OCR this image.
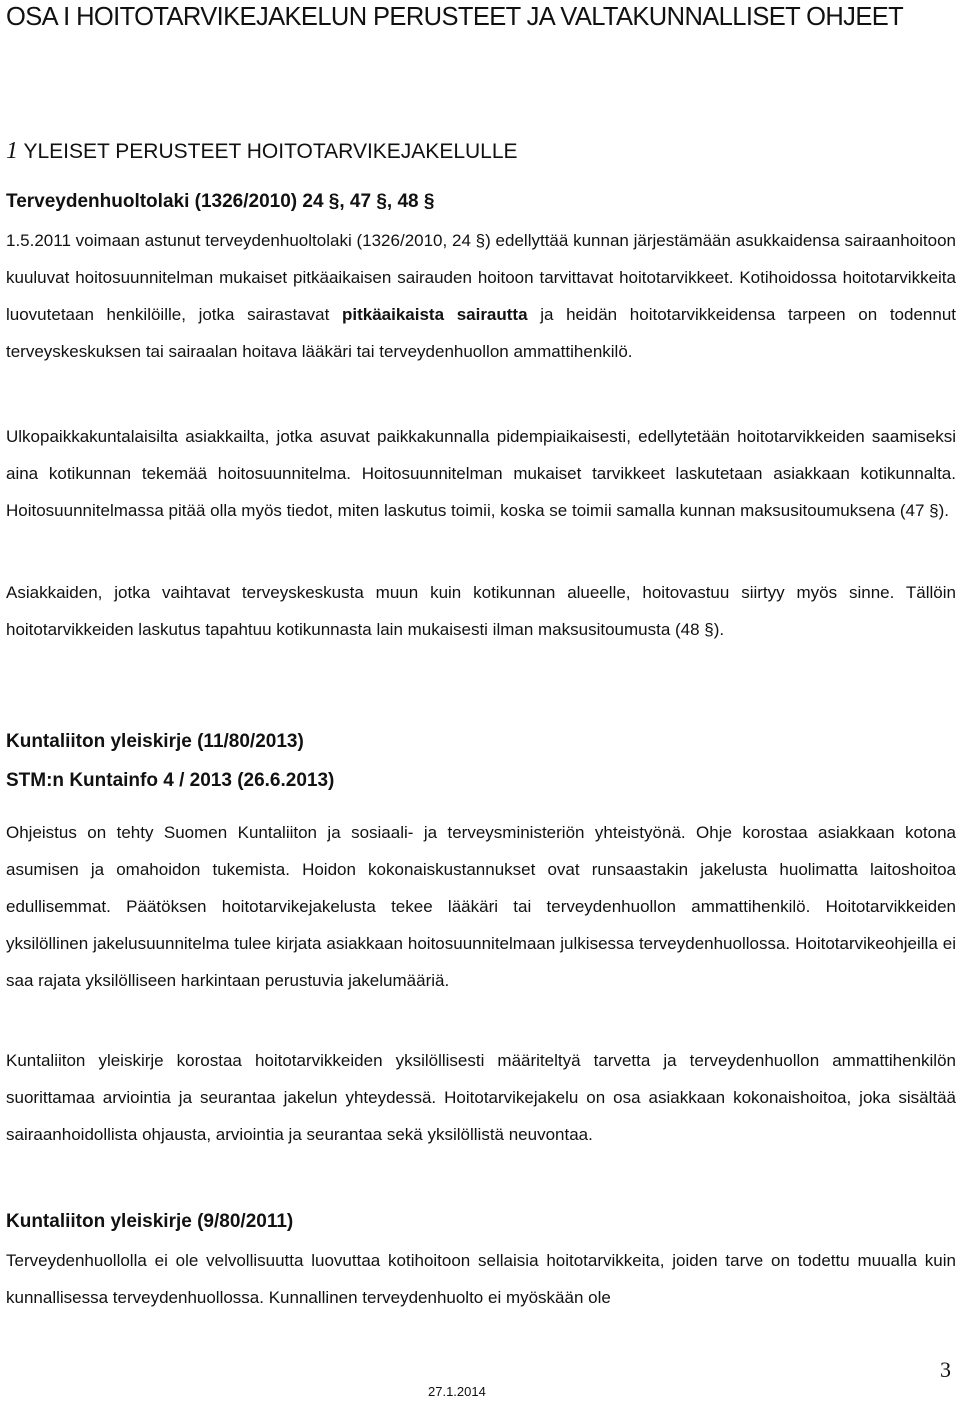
OSA I HOITOTARVIKEJAKELUN PERUSTEET JA VALTAKUNNALLISET OHJEET
1 YLEISET PERUSTEET HOITOTARVIKEJAKELULLE

Terveydenhuoltolaki (1326/2010) 24 §, 47 §, 48 §

1.5.2011 voimaan astunut terveydenhuoltolaki (1326/2010, 24 §) edellyttää kunnan järjestämään asukkaidensa sairaanhoitoon kuuluvat hoitosuunnitelman mukaiset pitkäaikaisen sairauden hoitoon tarvittavat hoitotarvikkeet. Kotihoidossa hoitotarvikkeita luovutetaan henkilöille, jotka sairastavat pitkäaikaista sairautta ja heidän hoitotarvikkeidensa tarpeen on todennut terveyskeskuksen tai sairaalan hoitava lääkäri tai terveydenhuollon ammattihenkilö.

Ulkopaikkakuntalaisilta asiakkailta, jotka asuvat paikkakunnalla pidempiaikaisesti, edellytetään hoitotarvikkeiden saamiseksi aina kotikunnan tekemää hoitosuunnitelma. Hoitosuunnitelman mukaiset tarvikkeet laskutetaan asiakkaan kotikunnalta. Hoitosuunnitelmassa pitää olla myös tiedot, miten laskutus toimii, koska se toimii samalla kunnan maksusitoumuksena (47 §).

Asiakkaiden, jotka vaihtavat terveyskeskusta muun kuin kotikunnan alueelle, hoitovastuu siirtyy myös sinne. Tällöin hoitotarvikkeiden laskutus tapahtuu kotikunnasta lain mukaisesti ilman maksusitoumusta (48 §).

Kuntaliiton yleiskirje (11/80/2013)

STM:n Kuntainfo 4 / 2013 (26.6.2013)

Ohjeistus on tehty Suomen Kuntaliiton ja sosiaali- ja terveysministeriön yhteistyönä. Ohje korostaa asiakkaan kotona asumisen ja omahoidon tukemista. Hoidon kokonaiskustannukset ovat runsaastakin jakelusta huolimatta laitoshoitoa edullisemmat. Päätöksen hoitotarvikejakelusta tekee lääkäri tai terveydenhuollon ammattihenkilö. Hoitotarvikkeiden yksilöllinen jakelusuunnitelma tulee kirjata asiakkaan hoitosuunnitelmaan julkisessa terveydenhuollossa. Hoitotarvikeohjeilla ei saa rajata yksilölliseen harkintaan perustuvia jakelumääriä.

Kuntaliiton yleiskirje korostaa hoitotarvikkeiden yksilöllisesti määriteltyä tarvetta ja terveydenhuollon ammattihenkilön suorittamaa arviointia ja seurantaa jakelun yhteydessä. Hoitotarvikejakelu on osa asiakkaan kokonaishoitoa, joka sisältää sairaanhoidollista ohjausta, arviointia ja seurantaa sekä yksilöllistä neuvontaa.

Kuntaliiton yleiskirje (9/80/2011)

Terveydenhuollolla ei ole velvollisuutta luovuttaa kotihoitoon sellaisia hoitotarvikkeita, joiden tarve on todettu muualla kuin kunnallisessa terveydenhuollossa. Kunnallinen terveydenhuolto ei myöskään ole

3

27.1.2014
